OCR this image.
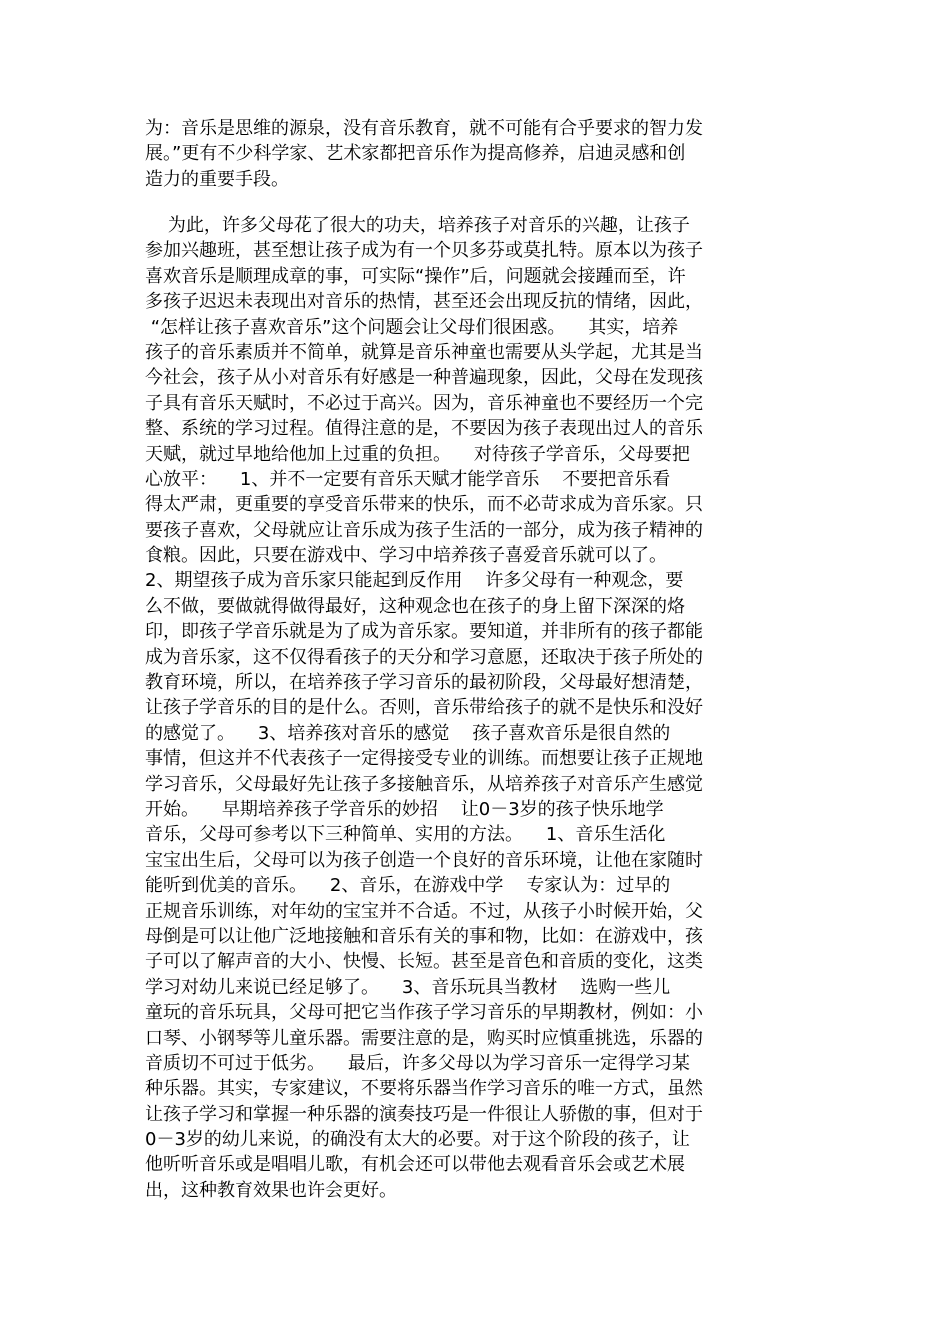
为：音乐是思维的源泉，没有音乐教育，就不可能有合乎要求的智力发
展。”更有不少科学家、艺术家都把音乐作为提高修养，启迪灵感和创
造力的重要手段。
为此，许多父母花了很大的功夫，培养孩子对音乐的兴趣，让孩子
参加兴趣班，甚至想让孩子成为有一个贝多芬或莫扎特。原本以为孩子
喜欢音乐是顺理成章的事，可实际“操作”后，问题就会接踵而至，许
多孩子迟迟未表现出对音乐的热情，甚至还会出现反抗的情绪，因此，
“怎样让孩子喜欢音乐”这个问题会让父母们很困惑。    其实，培养
孩子的音乐素质并不简单，就算是音乐神童也需要从头学起，尤其是当
今社会，孩子从小对音乐有好感是一种普遍现象，因此，父母在发现孩
子具有音乐天赋时，不必过于高兴。因为，音乐神童也不要经历一个完
整、系统的学习过程。值得注意的是，不要因为孩子表现出过人的音乐
天赋，就过早地给他加上过重的负担。    对待孩子学音乐，父母要把
心放平：    1、并不一定要有音乐天赋才能学音乐    不要把音乐看
得太严肃，更重要的享受音乐带来的快乐，而不必苛求成为音乐家。只
要孩子喜欢，父母就应让音乐成为孩子生活的一部分，成为孩子精神的
食粮。因此，只要在游戏中、学习中培养孩子喜爱音乐就可以了。
2、期望孩子成为音乐家只能起到反作用    许多父母有一种观念，要
么不做，要做就得做得最好，这种观念也在孩子的身上留下深深的烙
印，即孩子学音乐就是为了成为音乐家。要知道，并非所有的孩子都能
成为音乐家，这不仅得看孩子的天分和学习意愿，还取决于孩子所处的
教育环境，所以，在培养孩子学习音乐的最初阶段，父母最好想清楚，
让孩子学音乐的目的是什么。否则，音乐带给孩子的就不是快乐和没好
的感觉了。    3、培养孩对音乐的感觉    孩子喜欢音乐是很自然的
事情，但这并不代表孩子一定得接受专业的训练。而想要让孩子正规地
学习音乐，父母最好先让孩子多接触音乐，从培养孩子对音乐产生感觉
开始。    早期培养孩子学音乐的妙招    让0－3岁的孩子快乐地学
音乐，父母可参考以下三种简单、实用的方法。    1、音乐生活化
宝宝出生后，父母可以为孩子创造一个良好的音乐环境，让他在家随时
能听到优美的音乐。    2、音乐，在游戏中学    专家认为：过早的
正规音乐训练，对年幼的宝宝并不合适。不过，从孩子小时候开始，父
母倒是可以让他广泛地接触和音乐有关的事和物，比如：在游戏中，孩
子可以了解声音的大小、快慢、长短。甚至是音色和音质的变化，这类
学习对幼儿来说已经足够了。    3、音乐玩具当教材    选购一些儿
童玩的音乐玩具，父母可把它当作孩子学习音乐的早期教材，例如：小
口琴、小钢琴等儿童乐器。需要注意的是，购买时应慎重挑选，乐器的
音质切不可过于低劣。    最后，许多父母以为学习音乐一定得学习某
种乐器。其实，专家建议，不要将乐器当作学习音乐的唯一方式，虽然
让孩子学习和掌握一种乐器的演奏技巧是一件很让人骄傲的事，但对于
0－3岁的幼儿来说，的确没有太大的必要。对于这个阶段的孩子，让
他听听音乐或是唱唱儿歌，有机会还可以带他去观看音乐会或艺术展
出，这种教育效果也许会更好。
